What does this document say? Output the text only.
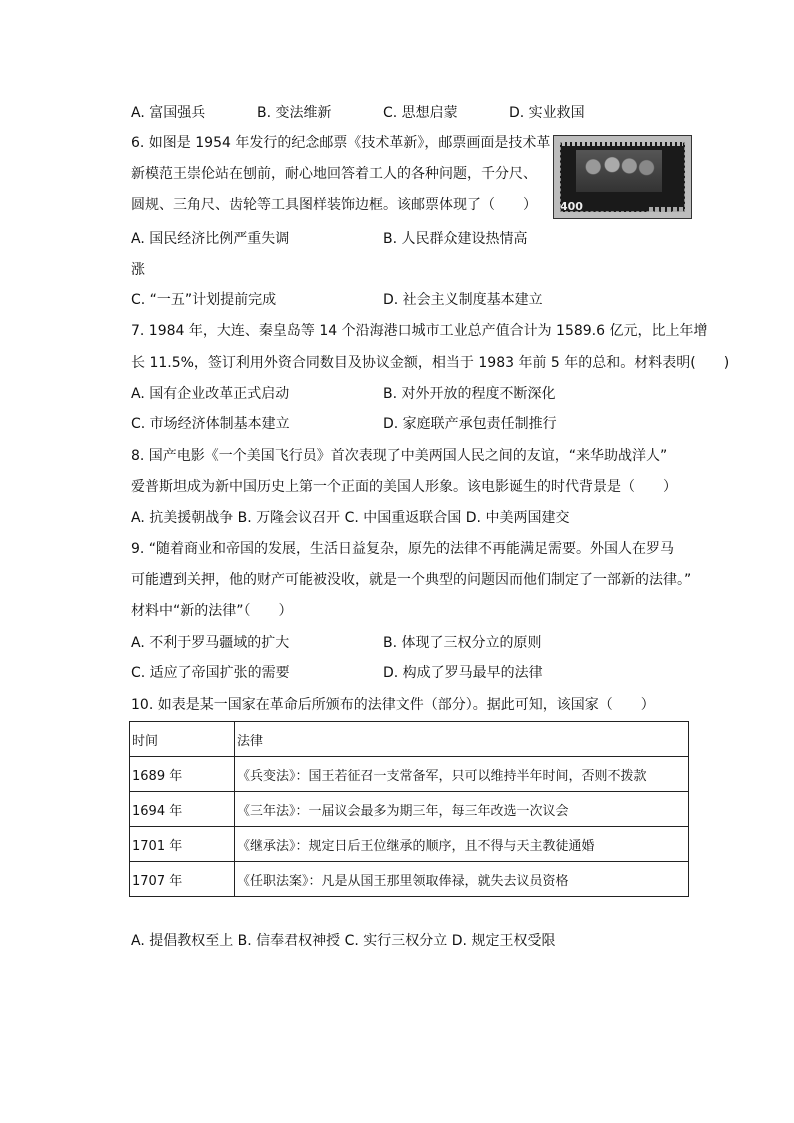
A. 富国强兵	B. 变法维新	C. 思想启蒙	D. 实业救国
6. 如图是 1954 年发行的纪念邮票《技术革新》，邮票画面是技术革
新模范王崇伦站在刨前，耐心地回答着工人的各种问题，千分尺、
圆规、三角尺、齿轮等工具图样装饰边框。该邮票体现了（　　） 400
A. 国民经济比例严重失调	B. 人民群众建设热情高
涨
C. “一五”计划提前完成	D. 社会主义制度基本建立
7. 1984 年，大连、秦皇岛等 14 个沿海港口城市工业总产值合计为 1589.6 亿元，比上年增
长 11.5%，签订利用外资合同数目及协议金额，相当于 1983 年前 5 年的总和。材料表明(　　)
A. 国有企业改革正式启动	B. 对外开放的程度不断深化
C. 市场经济体制基本建立	D. 家庭联产承包责任制推行
8. 国产电影《一个美国飞行员》首次表现了中美两国人民之间的友谊，“来华助战洋人”
爱普斯坦成为新中国历史上第一个正面的美国人形象。该电影诞生的时代背景是（　　）
A. 抗美援朝战争 B. 万隆会议召开 C. 中国重返联合国 D. 中美两国建交
9. “随着商业和帝国的发展，生活日益复杂，原先的法律不再能满足需要。外国人在罗马
可能遭到关押，他的财产可能被没收，就是一个典型的问题因而他们制定了一部新的法律。”
材料中“新的法律”（　　）
A. 不利于罗马疆域的扩大	B. 体现了三权分立的原则
C. 适应了帝国扩张的需要	D. 构成了罗马最早的法律
10. 如表是某一国家在革命后所颁布的法律文件（部分）。据此可知，该国家（　　）
时间	法律
1689 年	《兵变法》：国王若征召一支常备军，只可以维持半年时间，否则不拨款
1694 年	《三年法》：一届议会最多为期三年，每三年改选一次议会
1701 年	《继承法》：规定日后王位继承的顺序，且不得与天主教徒通婚
1707 年	《任职法案》：凡是从国王那里领取俸禄，就失去议员资格
A. 提倡教权至上 B. 信奉君权神授 C. 实行三权分立 D. 规定王权受限
